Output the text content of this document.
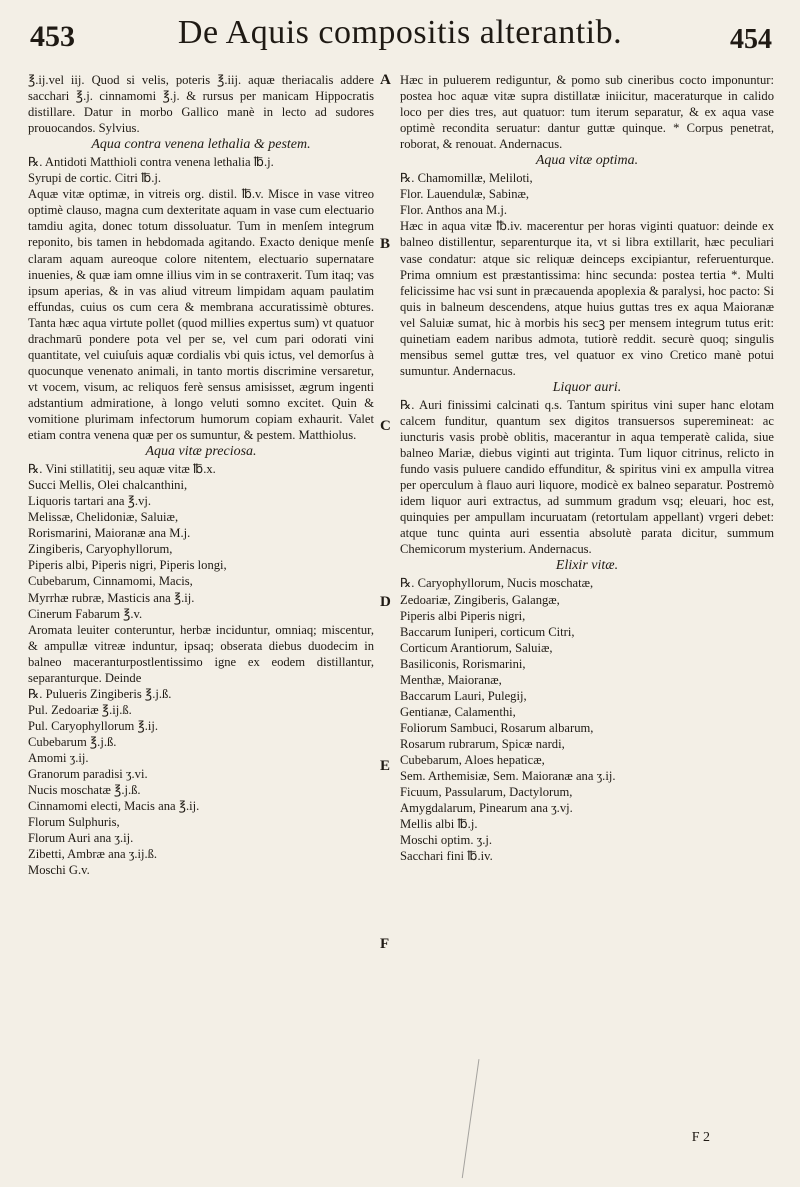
453	De Aquis compositis alterantib.	454

℥.ij.vel iij. Quod si velis, poteris ℥.iij. aquæ theriacalis addere sacchari ℥.j. cinnamomi ℥.j. & rursus per manicam Hippocratis distillare. Datur in morbo Gallico manè in lecto ad sudores prouocandos. Sylvius.

Aqua contra venena lethalia & pestem.

℞. Antidoti Matthioli contra venena lethalia ℔.j.

Syrupi de cortic. Citri ℔.j.

Aquæ vitæ optimæ, in vitreis org. distil. ℔.v. Misce in vase vitreo optimè clauso, magna cum dexteritate aquam in vase cum electuario tamdiu agita, donec totum dissoluatur. Tum in menſem integrum reponito, bis tamen in hebdomada agitando. Exacto denique menſe claram aquam aureoque colore nitentem, electuario supernatare inuenies, & quæ iam omne illius vim in se contraxerit. Tum itaq; vas ipsum aperias, & in vas aliud vitreum limpidam aquam paulatim effundas, cuius os cum cera & membrana accuratissimè obtures. Tanta hæc aqua virtute pollet (quod millies expertus sum) vt quatuor drachmarū pondere pota vel per se, vel cum pari odorati vini quantitate, vel cuiuſuis aquæ cordialis vbi quis ictus, vel demorſus à quocunque venenato animali, in tanto mortis discrimine versaretur, vt vocem, visum, ac reliquos ferè sensus amisisset, ægrum ingenti adstantium admiratione, à longo veluti somno excitet. Quin & vomitione plurimam infectorum humorum copiam exhaurit. Valet etiam contra venena quæ per os sumuntur, & pestem. Matthiolus.

Aqua vitæ preciosa.

℞. Vini stillatitij, seu aquæ vitæ ℔.x.

Succi Mellis, Olei chalcanthini,

Liquoris tartari ana ℥.vj.

Melissæ, Chelidoniæ, Saluiæ,

Rorismarini, Maioranæ ana M.j.

Zingiberis, Caryophyllorum,

Piperis albi, Piperis nigri, Piperis longi,

Cubebarum, Cinnamomi, Macis,

Myrrhæ rubræ, Masticis ana ℥.ij.

Cinerum Fabarum ℥.v.

Aromata leuiter conteruntur, herbæ inciduntur, omniaq; miscentur, & ampullæ vitreæ induntur, ipsaq; obserata diebus duodecim in balneo maceranturpostlentissimo igne ex eodem distillantur, separanturque. Deinde

℞. Pulueris Zingiberis ℥.j.ß.

Pul. Zedoariæ ℥.ij.ß.

Pul. Caryophyllorum ℥.ij.

Cubebarum ℥.j.ß.

Amomi ʒ.ij.

Granorum paradisi ʒ.vi.

Nucis moschatæ ℥.j.ß.

Cinnamomi electi, Macis ana ℥.ij.

Florum Sulphuris,

Florum Auri ana ʒ.ij.

Zibetti, Ambræ ana ʒ.ij.ß.

Moschi G.v.

Hæc in puluerem rediguntur, & pomo sub cineribus cocto imponuntur: postea hoc aquæ vitæ supra distillatæ iniicitur, maceraturque in calido loco per dies tres, aut quatuor: tum iterum separatur, & ex aqua vase optimè recondita seruatur: dantur guttæ quinque. * Corpus penetrat, roborat, & renouat. Andernacus.

Aqua vitæ optima.

℞. Chamomillæ, Meliloti,

Flor. Lauendulæ, Sabinæ,

Flor. Anthos ana M.j.

Hæc in aqua vitæ ℔.iv. macerentur per horas viginti quatuor: deinde ex balneo distillentur, separenturque ita, vt si libra extillarit, hæc peculiari vase condatur: atque sic reliquæ deinceps excipiantur, referuenturque. Prima omnium est præstantissima: hinc secunda: postea tertia *. Multi felicissime hac vsi sunt in præcauenda apoplexia & paralysi, hoc pacto: Si quis in balneum descendens, atque huius guttas tres ex aqua Maioranæ vel Saluiæ sumat, hic à morbis his secꝫ per mensem integrum tutus erit: quinetiam eadem naribus admota, tutiorè reddit. securè quoq; singulis mensibus semel guttæ tres, vel quatuor ex vino Cretico manè potui sumuntur. Andernacus.

Liquor auri.

℞. Auri finissimi calcinati q.s. Tantum spiritus vini super hanc elotam calcem funditur, quantum sex digitos transuersos superemineat: ac iuncturis vasis probè oblitis, macerantur in aqua temperatè calida, siue balneo Mariæ, diebus viginti aut triginta. Tum liquor citrinus, relicto in fundo vasis puluere candido effunditur, & spiritus vini ex ampulla vitrea per operculum à flauo auri liquore, modicè ex balneo separatur. Postremò idem liquor auri extractus, ad summum gradum vsq; eleuari, hoc est, quinquies per ampullam incuruatam (retortulam appellant) vrgeri debet: atque tunc quinta auri essentia absolutè parata dicitur, summum Chemicorum mysterium. Andernacus.

Elixir vitæ.

℞. Caryophyllorum, Nucis moschatæ,

Zedoariæ, Zingiberis, Galangæ,

Piperis albi Piperis nigri,

Baccarum Iuniperi, corticum Citri,

Corticum Arantiorum, Saluiæ,

Basiliconis, Rorismarini,

Menthæ, Maioranæ,

Baccarum Lauri, Pulegij,

Gentianæ, Calamenthi,

Foliorum Sambuci, Rosarum albarum,

Rosarum rubrarum, Spicæ nardi,

Cubebarum, Aloes hepaticæ,

Sem. Arthemisiæ, Sem. Maioranæ ana ʒ.ij.

Ficuum, Passularum, Dactylorum,

Amygdalarum, Pinearum ana ʒ.vj.

Mellis albi ℔.j.

Moschi optim. ʒ.j.

Sacchari fini ℔.iv.

A
B
C
D
E
F
F 2
